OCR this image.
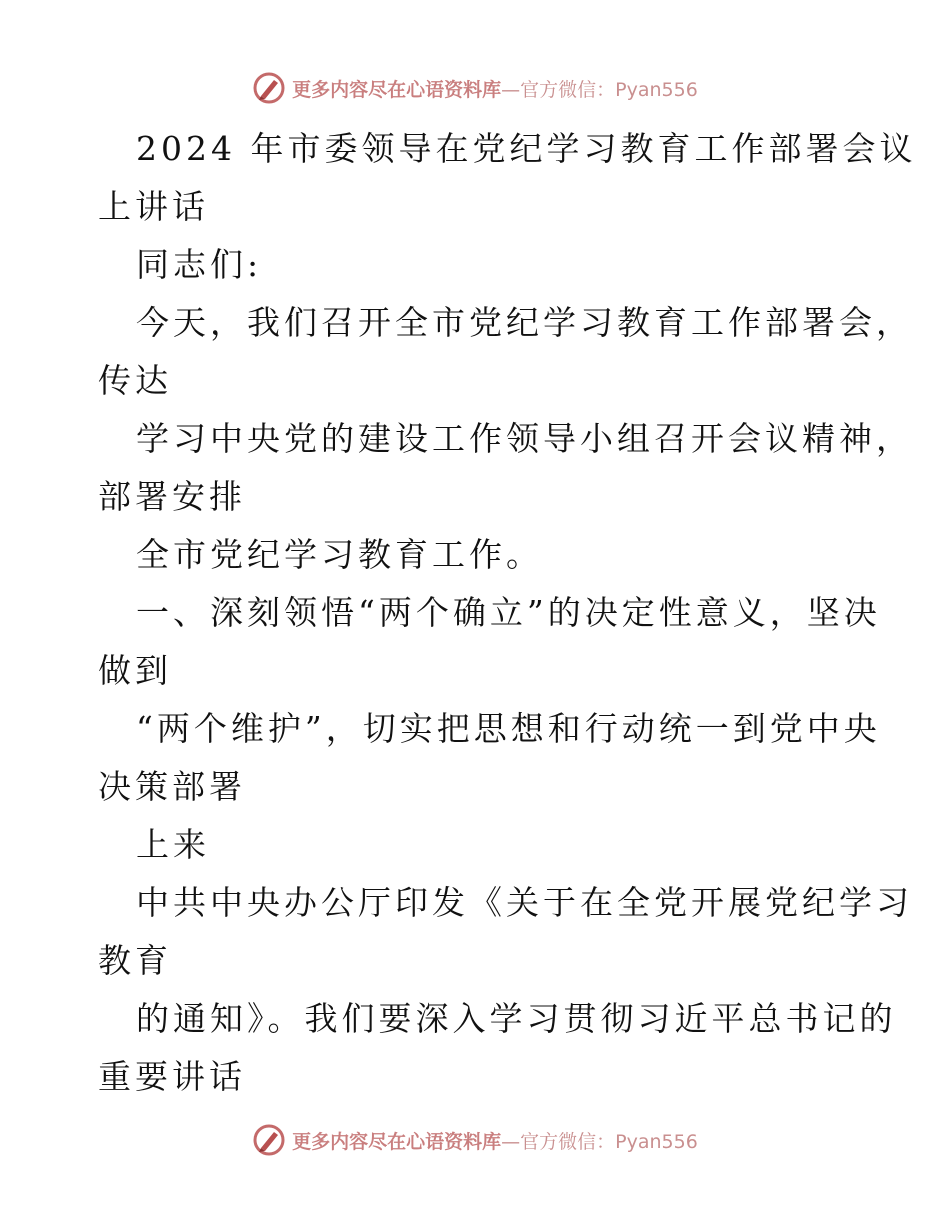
更多内容尽在心语资料库—官方微信：Pyan556
2024 年市委领导在党纪学习教育工作部署会议
上讲话
同志们:
今天，我们召开全市党纪学习教育工作部署会，
传达
学习中央党的建设工作领导小组召开会议精神，
部署安排
全市党纪学习教育工作。
一、深刻领悟“两个确立”的决定性意义，坚决
做到
“两个维护”，切实把思想和行动统一到党中央
决策部署
上来
中共中央办公厅印发《关于在全党开展党纪学习
教育
的通知》。我们要深入学习贯彻习近平总书记的
重要讲话
更多内容尽在心语资料库—官方微信：Pyan556
